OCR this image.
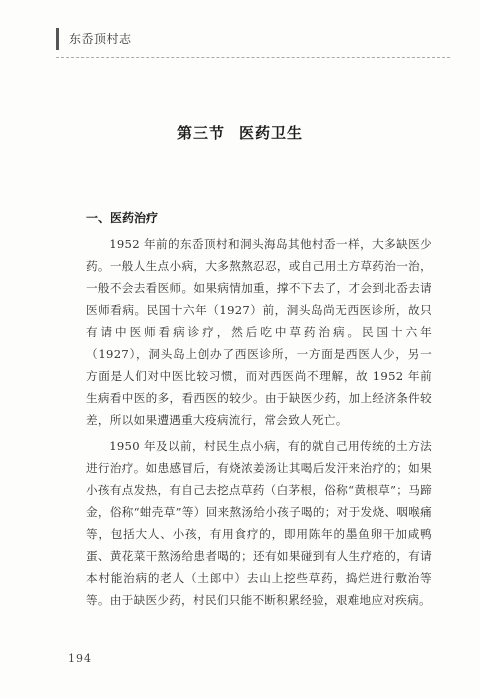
东岙顶村志
第三节 医药卫生
一、医药治疗

1952 年前的东岙顶村和洞头海岛其他村岙一样，大多缺医少药。一般人生点小病，大多熬熬忍忍，或自己用土方草药治一治，一般不会去看医师。如果病情加重，撑不下去了，才会到北岙去请医师看病。民国十六年（1927）前，洞头岛尚无西医诊所，故只有请中医师看病诊疗，然后吃中草药治病。民国十六年（1927），洞头岛上创办了西医诊所，一方面是西医人少，另一方面是人们对中医比较习惯，而对西医尚不理解，故 1952 年前生病看中医的多，看西医的较少。由于缺医少药，加上经济条件较差，所以如果遭遇重大疫病流行，常会致人死亡。

1950 年及以前，村民生点小病，有的就自己用传统的土方法进行治疗。如患感冒后，有烧浓姜汤让其喝后发汗来治疗的；如果小孩有点发热，有自己去挖点草药（白茅根，俗称“黄根草”；马蹄金，俗称“蚶壳草”等）回来熬汤给小孩子喝的；对于发烧、咽喉痛等，包括大人、小孩，有用食疗的，即用陈年的墨鱼卵干加咸鸭蛋、黄花菜干熬汤给患者喝的；还有如果碰到有人生疗疮的，有请本村能治病的老人（土郎中）去山上挖些草药，捣烂进行敷治等等。由于缺医少药，村民们只能不断积累经验，艰难地应对疾病。

194
